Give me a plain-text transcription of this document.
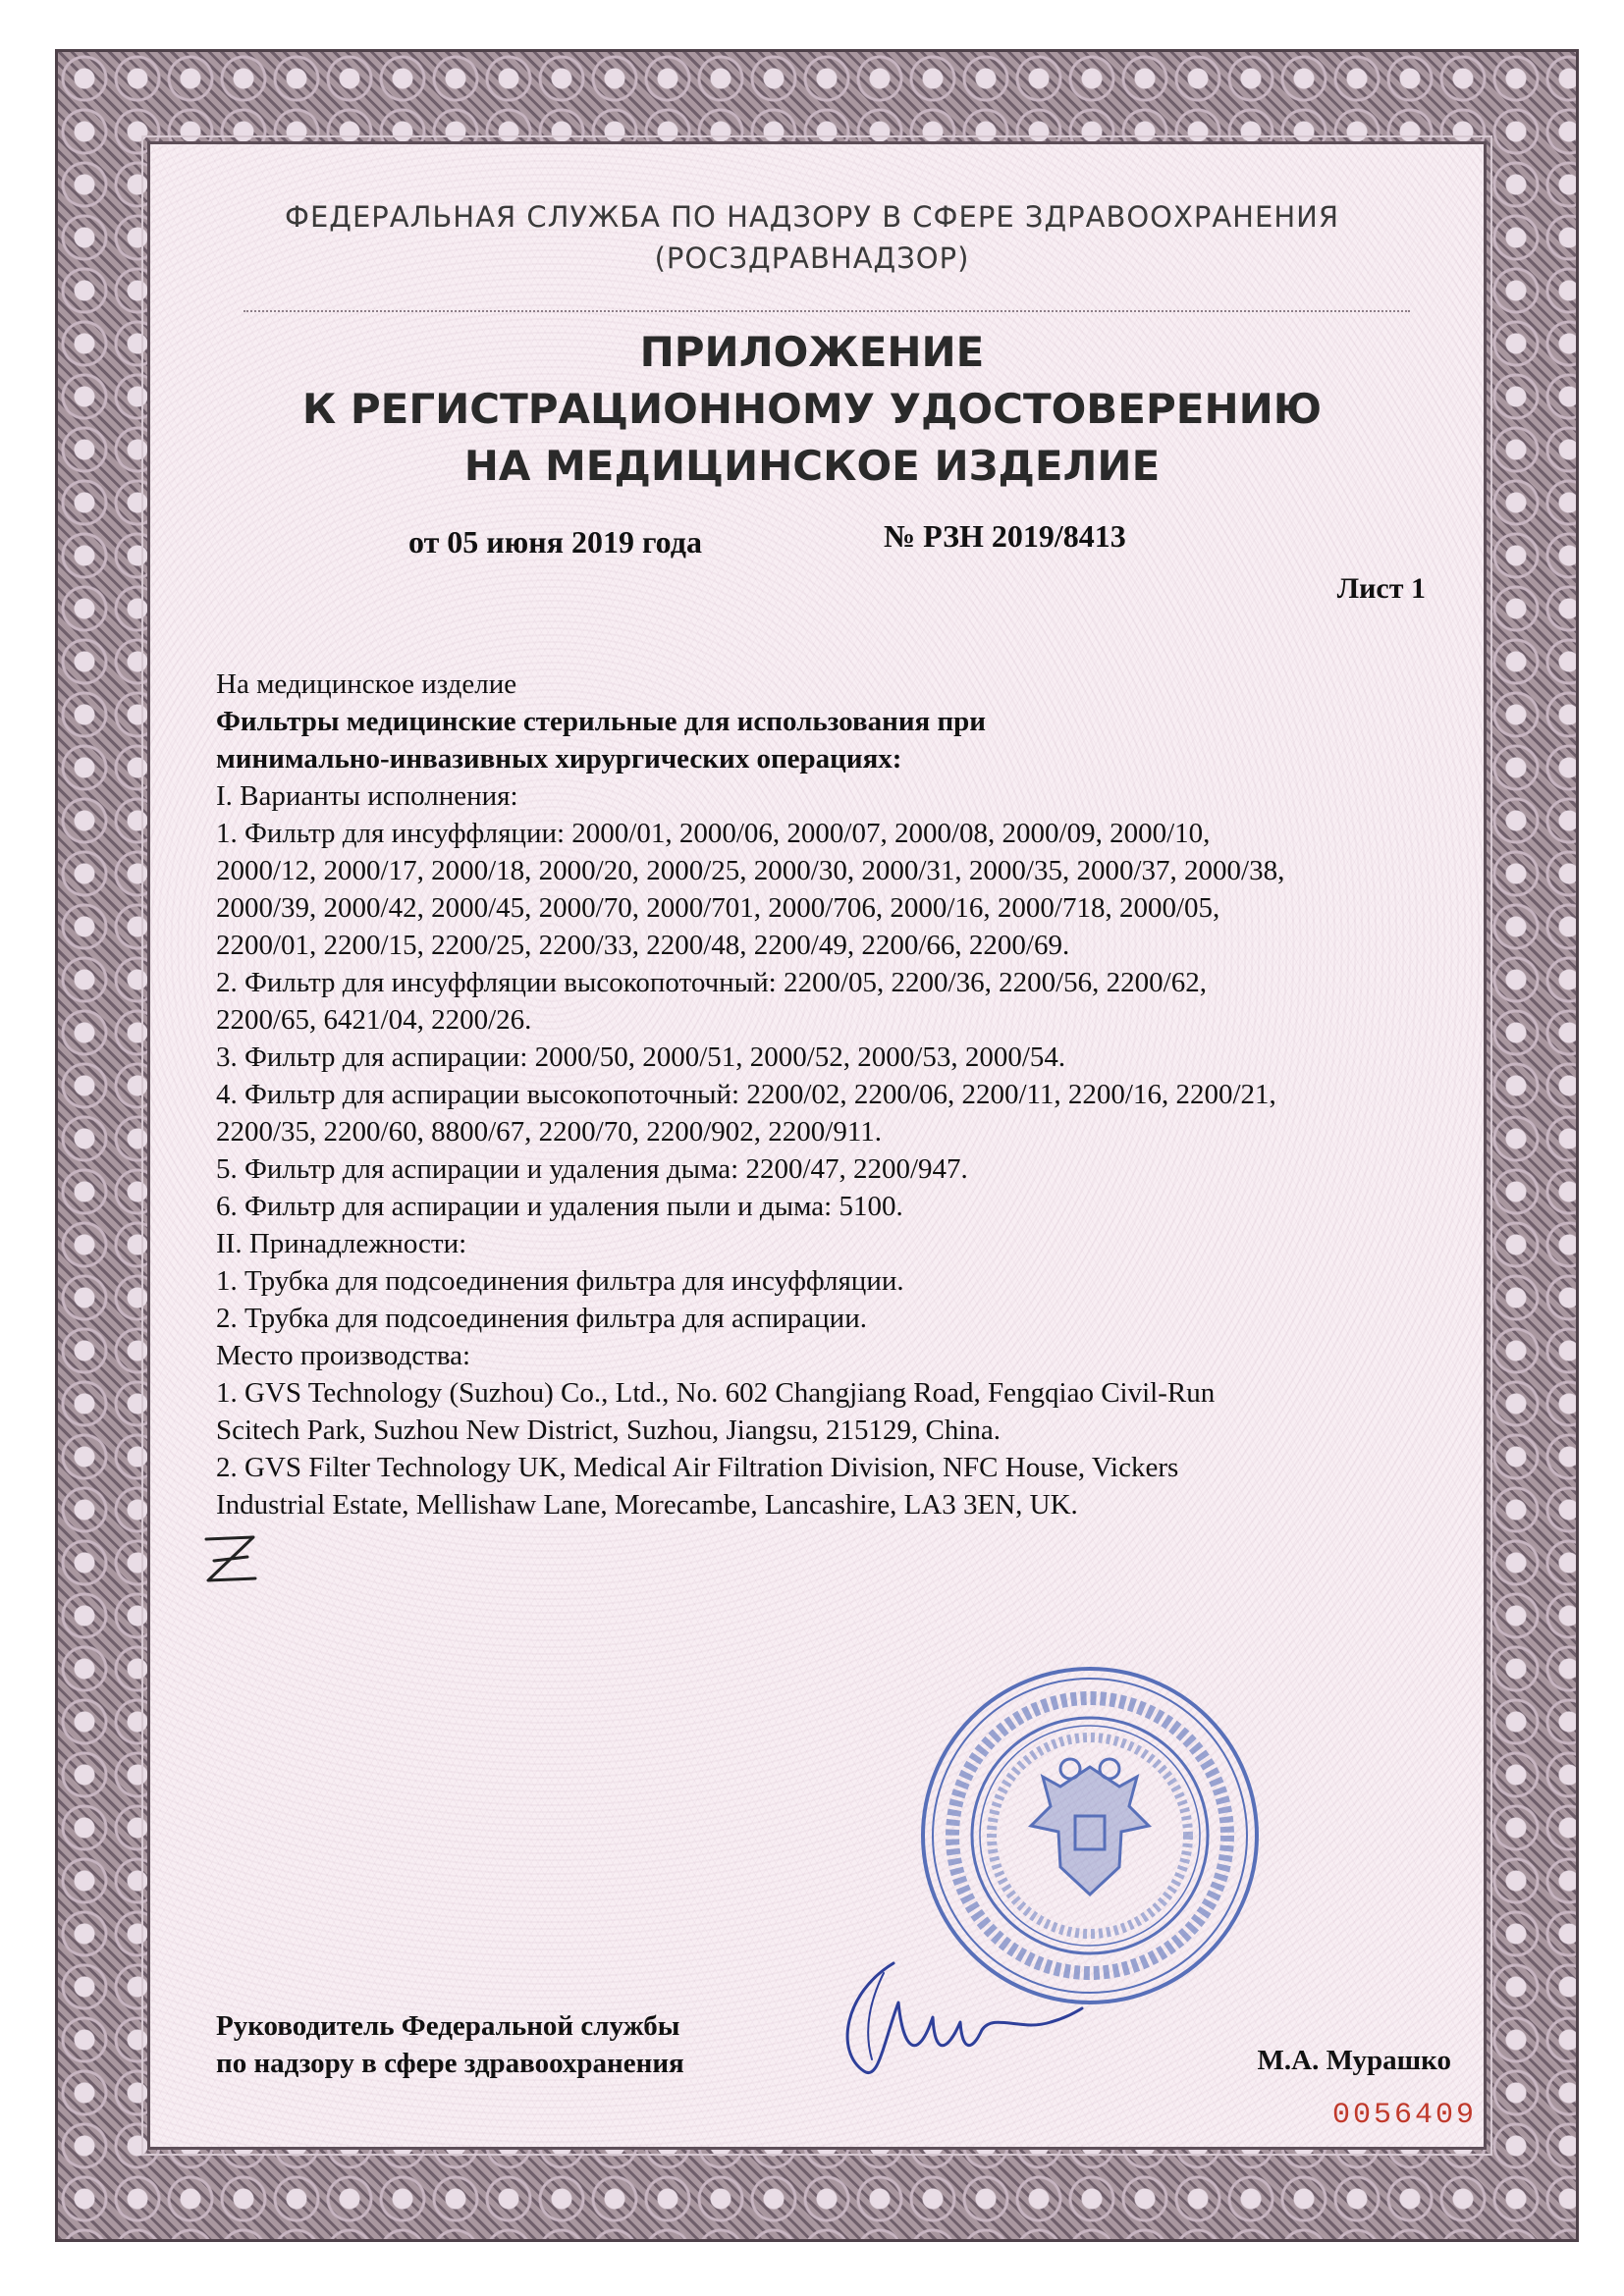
ФЕДЕРАЛЬНАЯ СЛУЖБА ПО НАДЗОРУ В СФЕРЕ ЗДРАВООХРАНЕНИЯ
(РОСЗДРАВНАДЗОР)
ПРИЛОЖЕНИЕ
К РЕГИСТРАЦИОННОМУ УДОСТОВЕРЕНИЮ
НА МЕДИЦИНСКОЕ ИЗДЕЛИЕ
от 05 июня 2019 года	№ РЗН 2019/8413
Лист 1
На медицинское изделие
Фильтры медицинские стерильные для использования при
минимально-инвазивных хирургических операциях:
I. Варианты исполнения:
1. Фильтр для инсуффляции: 2000/01, 2000/06, 2000/07, 2000/08, 2000/09, 2000/10,
2000/12, 2000/17, 2000/18, 2000/20, 2000/25, 2000/30, 2000/31, 2000/35, 2000/37, 2000/38,
2000/39, 2000/42, 2000/45, 2000/70, 2000/701, 2000/706, 2000/16, 2000/718, 2000/05,
2200/01, 2200/15, 2200/25, 2200/33, 2200/48, 2200/49, 2200/66, 2200/69.
2. Фильтр для инсуффляции высокопоточный: 2200/05, 2200/36, 2200/56, 2200/62,
2200/65, 6421/04, 2200/26.
3. Фильтр для аспирации: 2000/50, 2000/51, 2000/52, 2000/53, 2000/54.
4. Фильтр для аспирации высокопоточный: 2200/02, 2200/06, 2200/11, 2200/16, 2200/21,
2200/35, 2200/60, 8800/67, 2200/70, 2200/902, 2200/911.
5. Фильтр для аспирации и удаления дыма: 2200/47, 2200/947.
6. Фильтр для аспирации и удаления пыли и дыма: 5100.
II. Принадлежности:
1. Трубка для подсоединения фильтра для инсуффляции.
2. Трубка для подсоединения фильтра для аспирации.
Место производства:
1. GVS Technology (Suzhou) Co., Ltd., No. 602 Changjiang Road, Fengqiao Civil-Run
Scitech Park, Suzhou New District, Suzhou, Jiangsu, 215129, China.
2. GVS Filter Technology UK, Medical Air Filtration Division, NFC House, Vickers
Industrial Estate, Mellishaw Lane, Morecambe, Lancashire, LA3 3EN, UK.
Руководитель Федеральной службы
по надзору в сфере здравоохранения	М.А. Мурашко
0056409
